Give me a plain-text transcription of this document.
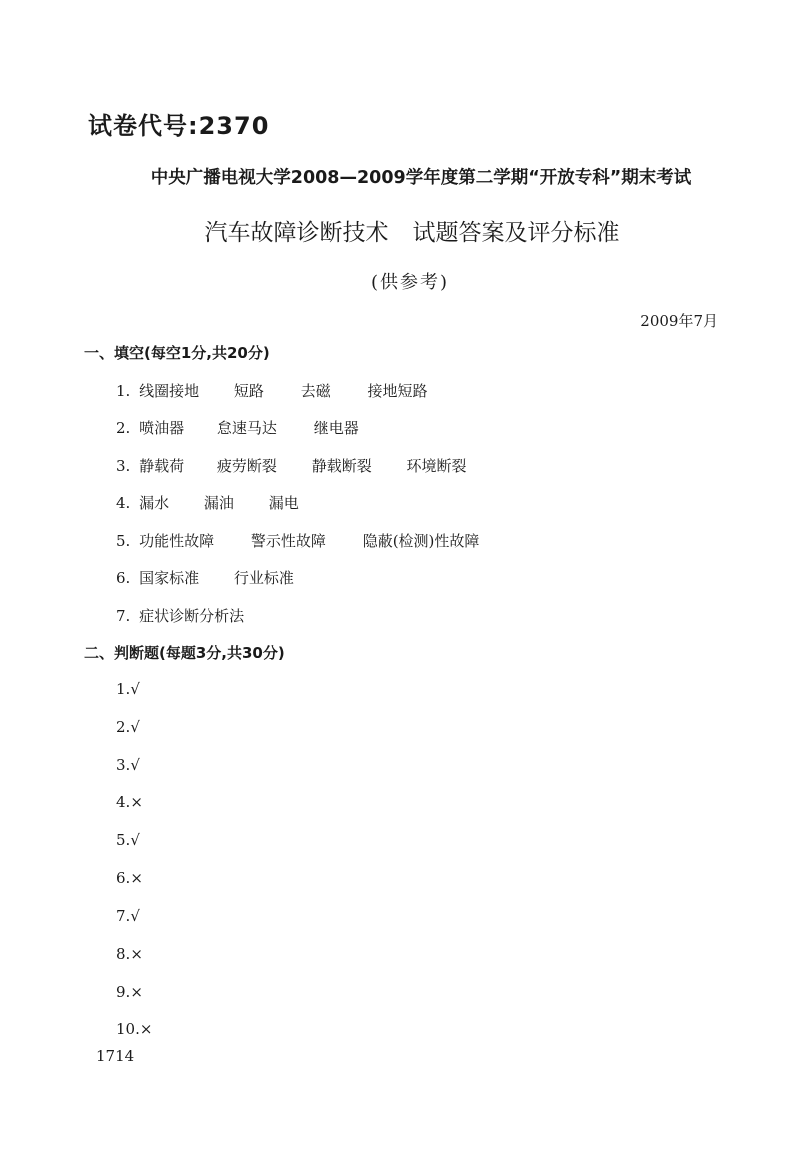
试卷代号:2370
中央广播电视大学2008—2009学年度第二学期“开放专科”期末考试
汽车故障诊断技术 试题答案及评分标准
(供参考)
2009年7月
一、填空(每空1分,共20分)
1. 线圈接地 短路 去磁 接地短路
2. 喷油器 怠速马达 继电器
3. 静载荷 疲劳断裂 静载断裂 环境断裂
4. 漏水 漏油 漏电
5. 功能性故障 警示性故障 隐蔽(检测)性故障
6. 国家标准 行业标准
7. 症状诊断分析法
二、判断题(每题3分,共30分)
1.√
2.√
3.√
4.×
5.√
6.×
7.√
8.×
9.×
10.×
1714
